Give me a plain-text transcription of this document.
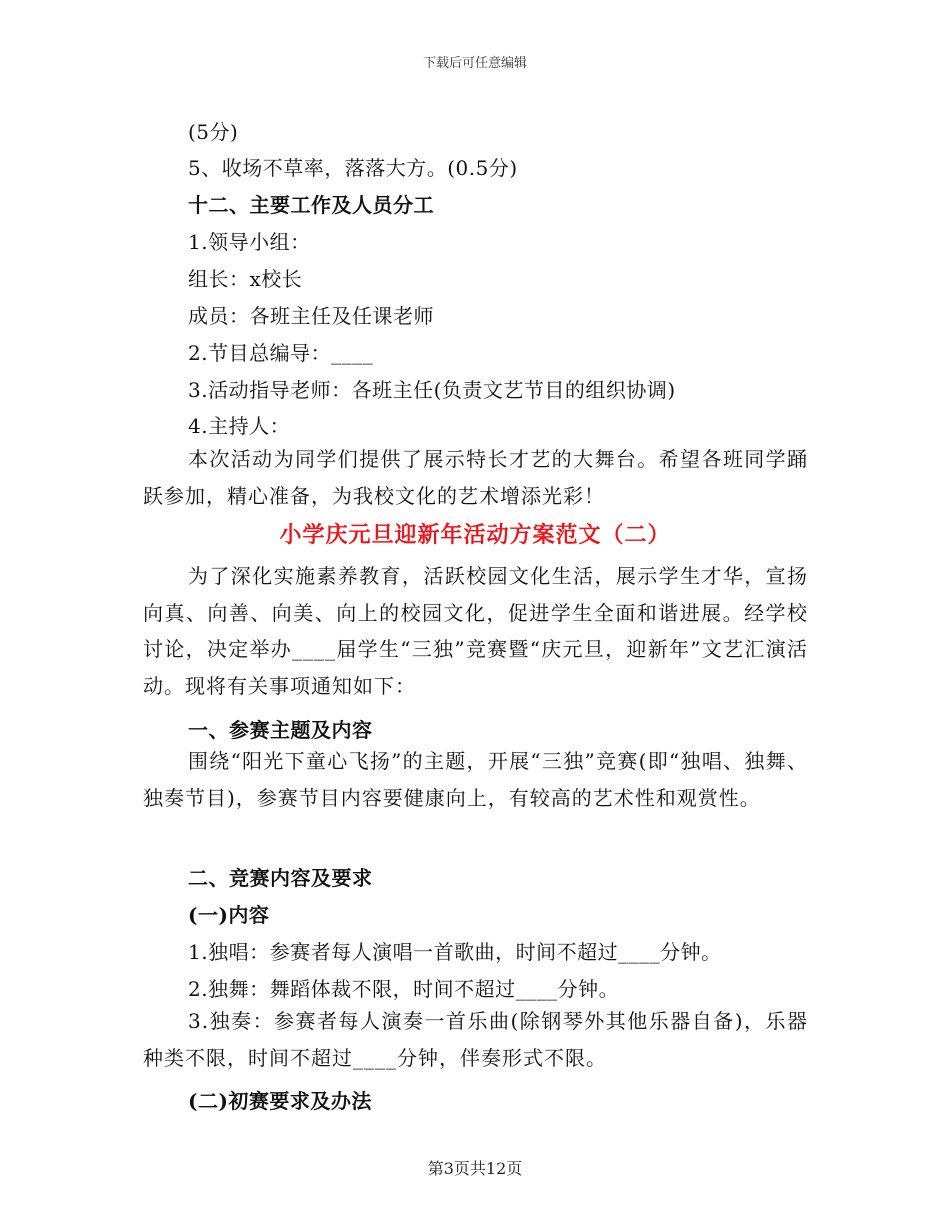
下载后可任意编辑
(5分)
5、收场不草率，落落大方。(0.5分)
十二、主要工作及人员分工
1.领导小组：
组长：x校长
成员：各班主任及任课老师
2.节目总编导：____
3.活动指导老师：各班主任(负责文艺节目的组织协调)
4.主持人：
本次活动为同学们提供了展示特长才艺的大舞台。希望各班同学踊跃参加，精心准备，为我校文化的艺术增添光彩！
小学庆元旦迎新年活动方案范文（二）
为了深化实施素养教育，活跃校园文化生活，展示学生才华，宣扬向真、向善、向美、向上的校园文化，促进学生全面和谐进展。经学校讨论，决定举办____届学生“三独”竞赛暨“庆元旦，迎新年”文艺汇演活动。现将有关事项通知如下：
一、参赛主题及内容
围绕“阳光下童心飞扬”的主题，开展“三独”竞赛(即“独唱、独舞、独奏节目)，参赛节目内容要健康向上，有较高的艺术性和观赏性。
二、竞赛内容及要求
(一)内容
1.独唱：参赛者每人演唱一首歌曲，时间不超过____分钟。
2.独舞：舞蹈体裁不限，时间不超过____分钟。
3.独奏：参赛者每人演奏一首乐曲(除钢琴外其他乐器自备)，乐器种类不限，时间不超过____分钟，伴奏形式不限。
(二)初赛要求及办法
第3页共12页
